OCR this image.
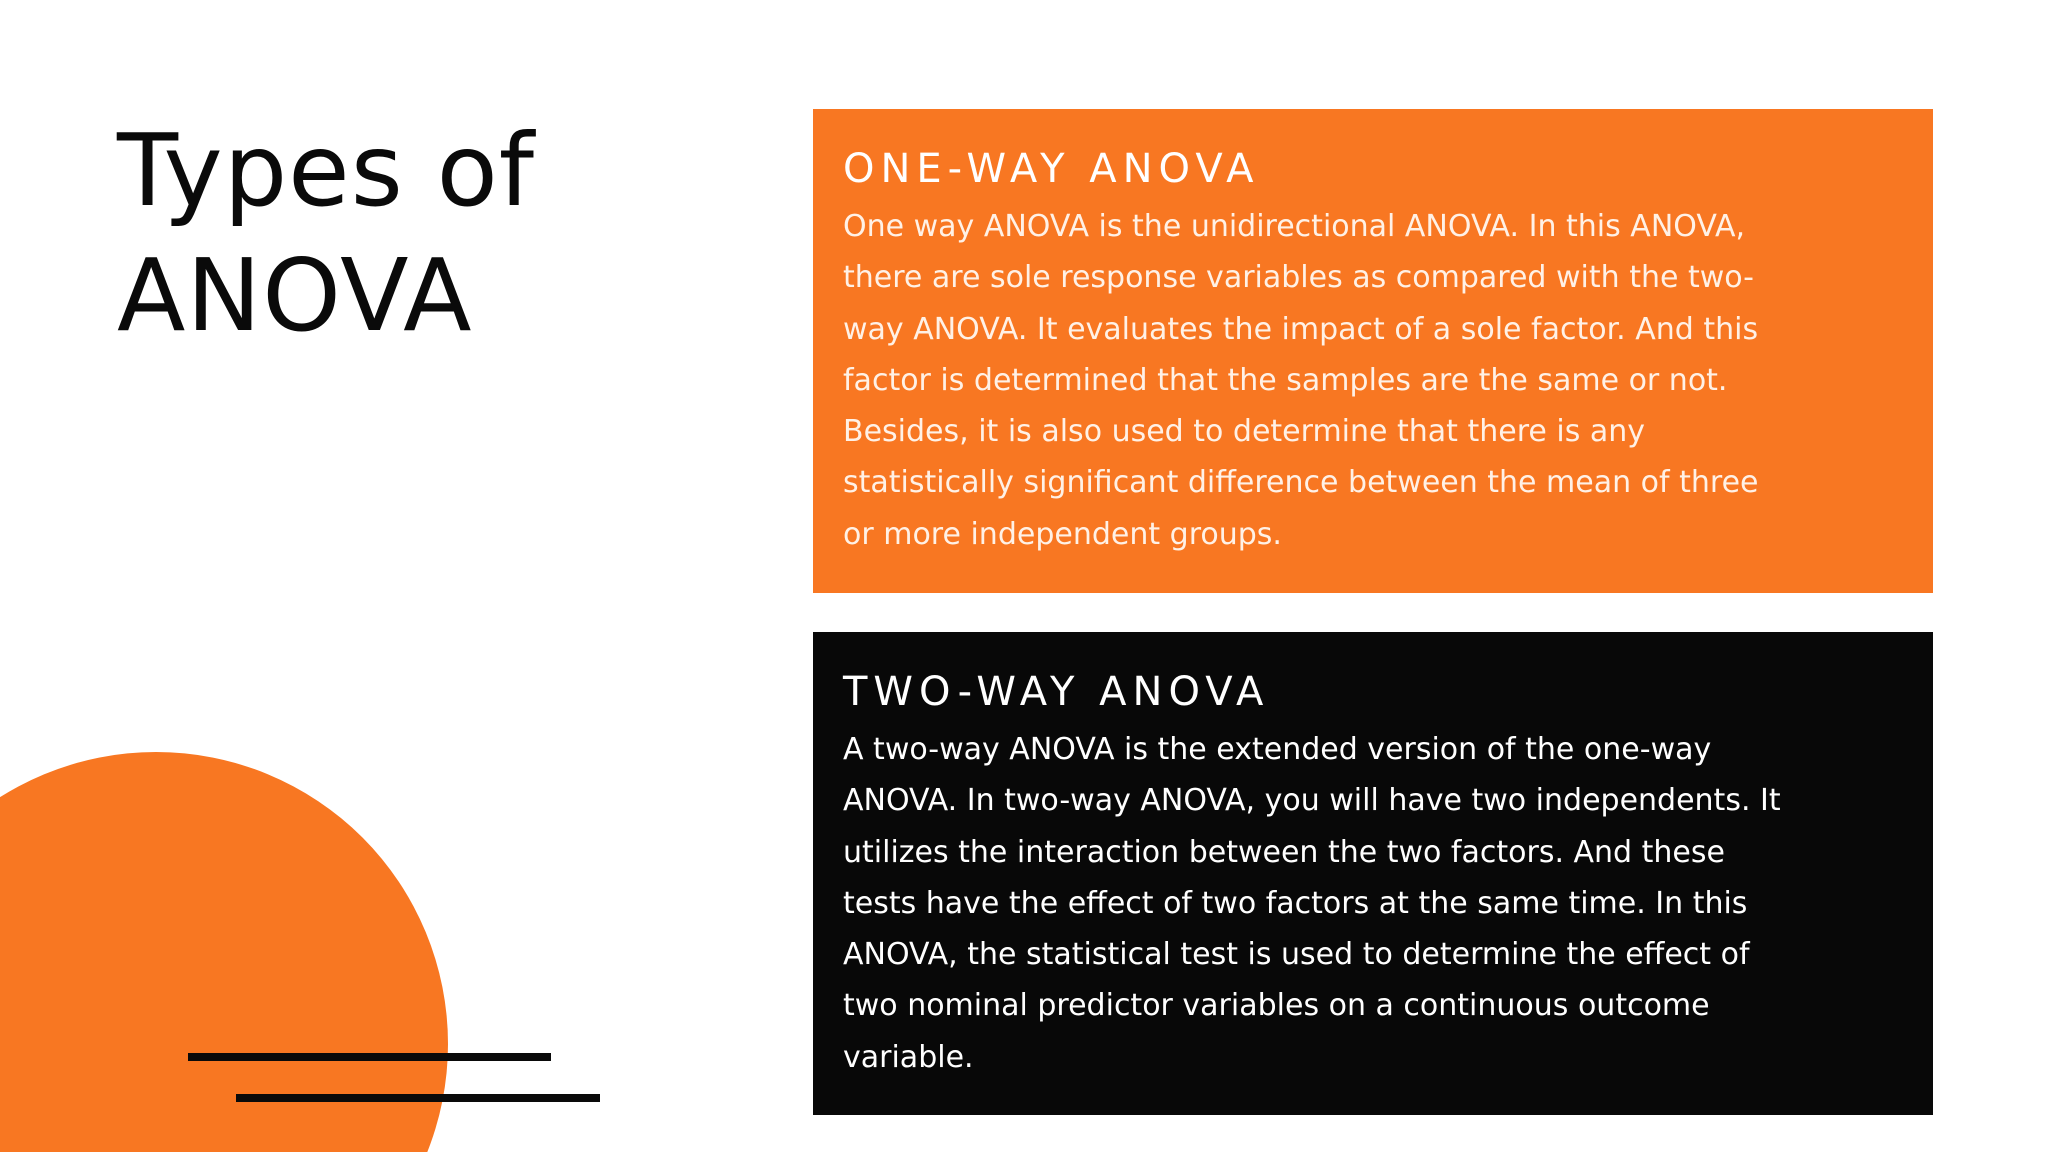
Types of
ANOVA
ONE-WAY ANOVA

One way ANOVA is the unidirectional ANOVA. In this ANOVA,
there are sole response variables as compared with the two-
way ANOVA. It evaluates the impact of a sole factor. And this
factor is determined that the samples are the same or not.
Besides, it is also used to determine that there is any
statistically significant difference between the mean of three
or more independent groups.

TWO-WAY ANOVA

A two-way ANOVA is the extended version of the one-way
ANOVA. In two-way ANOVA, you will have two independents. It
utilizes the interaction between the two factors. And these
tests have the effect of two factors at the same time. In this
ANOVA, the statistical test is used to determine the effect of
two nominal predictor variables on a continuous outcome
variable.
